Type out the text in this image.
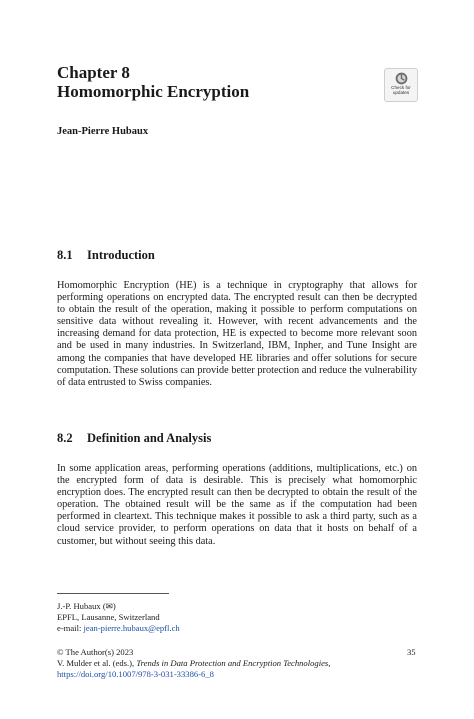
Chapter 8
Homomorphic Encryption	Check for
updates
Jean-Pierre Hubaux
8.1 Introduction
Homomorphic Encryption (HE) is a technique in cryptography that allows for performing operations on encrypted data. The encrypted result can then be decrypted to obtain the result of the operation, making it possible to perform computations on sensitive data without revealing it. However, with recent advancements and the increasing demand for data protection, HE is expected to become more relevant soon and be used in many industries. In Switzerland, IBM, Inpher, and Tune Insight are among the companies that have developed HE libraries and offer solutions for secure computation. These solutions can provide better protection and reduce the vulnerability of data entrusted to Swiss companies.
8.2 Definition and Analysis
In some application areas, performing operations (additions, multiplications, etc.) on the encrypted form of data is desirable. This is precisely what homomorphic encryption does. The encrypted result can then be decrypted to obtain the result of the operation. The obtained result will be the same as if the computation had been performed in cleartext. This technique makes it possible to ask a third party, such as a cloud service provider, to perform operations on data that it hosts on behalf of a customer, but without seeing this data.
J.-P. Hubaux (✉)
EPFL, Lausanne, Switzerland
e-mail: jean-pierre.hubaux@epfl.ch
© The Author(s) 2023	35
V. Mulder et al. (eds.), Trends in Data Protection and Encryption Technologies,
https://doi.org/10.1007/978-3-031-33386-6_8
